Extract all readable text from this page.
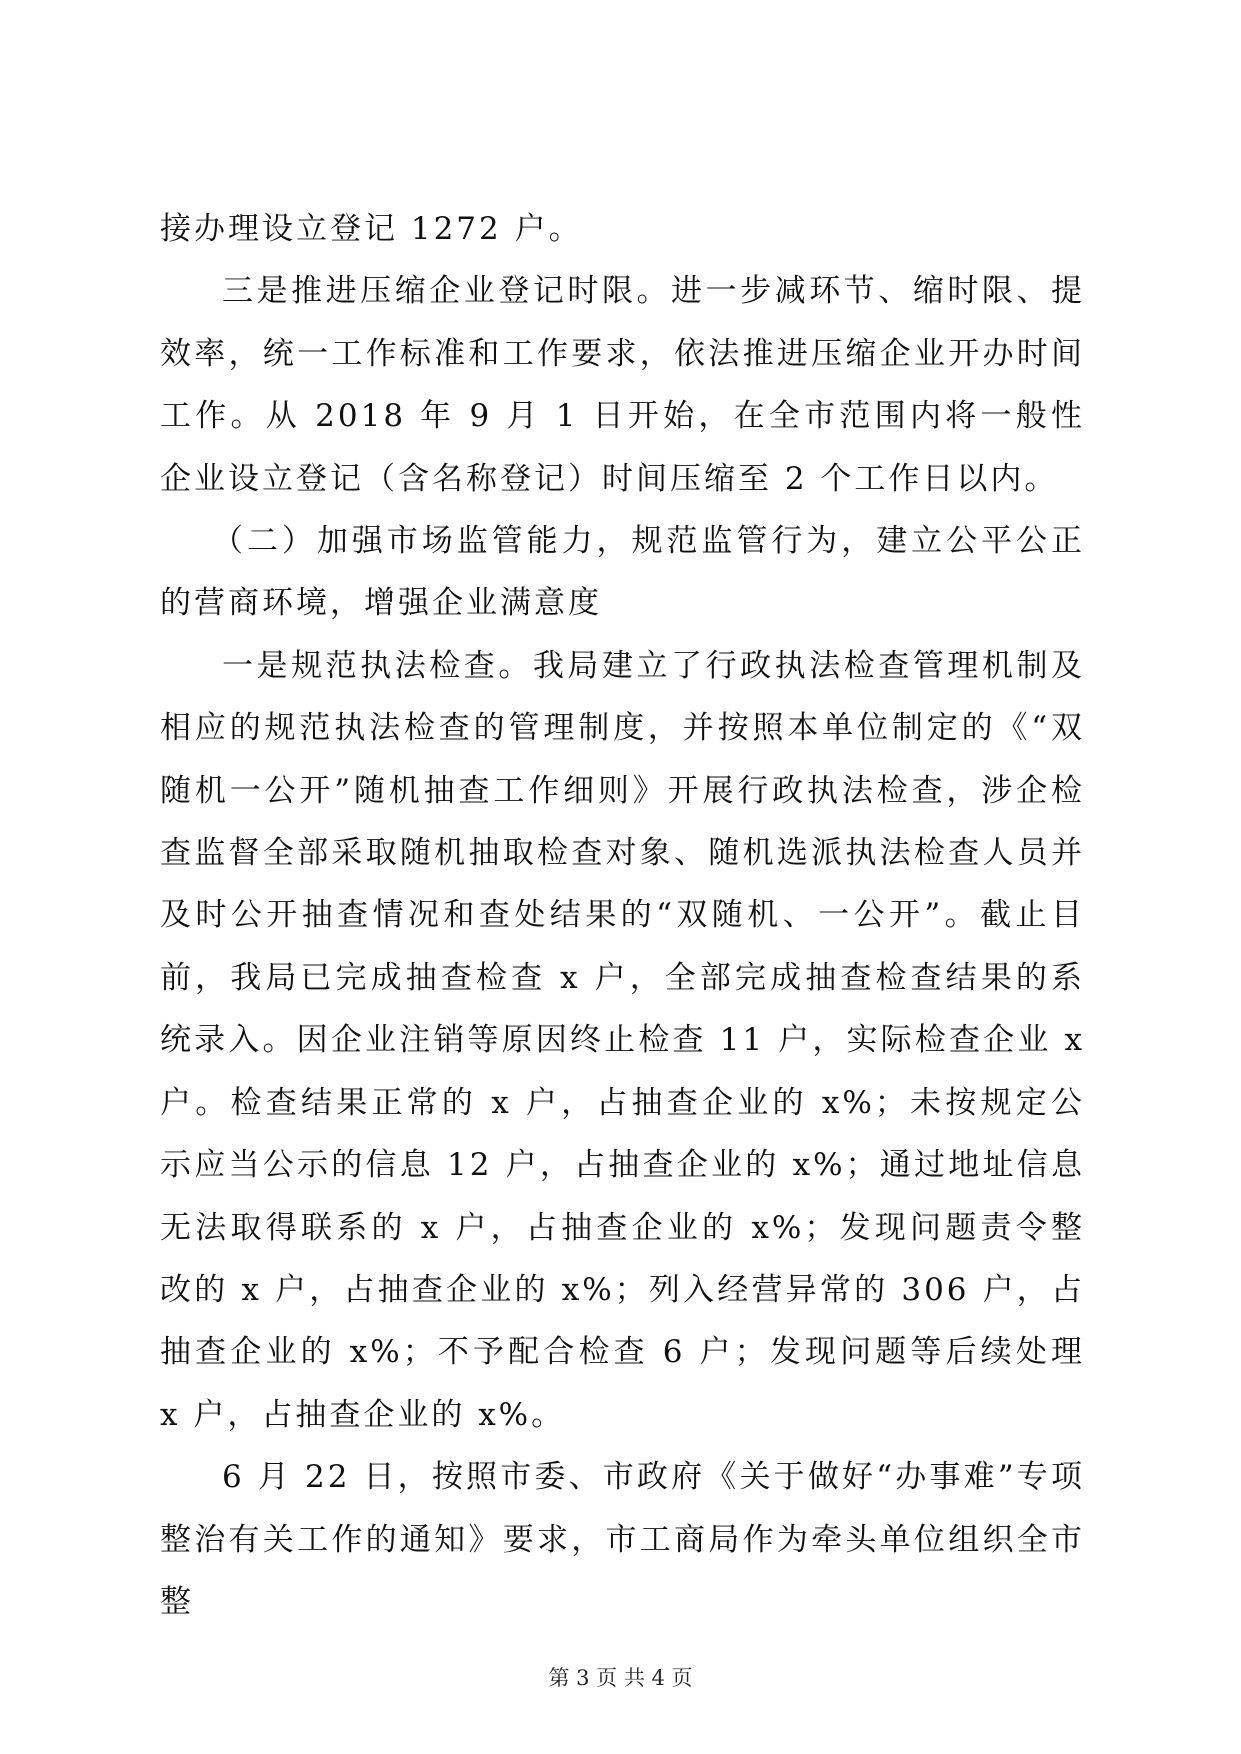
接办理设立登记 1272 户。

三是推进压缩企业登记时限。进一步减环节、缩时限、提效率，统一工作标准和工作要求，依法推进压缩企业开办时间工作。从 2018 年 9 月 1 日开始，在全市范围内将一般性企业设立登记（含名称登记）时间压缩至 2 个工作日以内。

（二）加强市场监管能力，规范监管行为，建立公平公正的营商环境，增强企业满意度

一是规范执法检查。我局建立了行政执法检查管理机制及相应的规范执法检查的管理制度，并按照本单位制定的《“双随机一公开”随机抽查工作细则》开展行政执法检查，涉企检查监督全部采取随机抽取检查对象、随机选派执法检查人员并及时公开抽查情况和查处结果的“双随机、一公开”。截止目前，我局已完成抽查检查 x 户，全部完成抽查检查结果的系统录入。因企业注销等原因终止检查 11 户，实际检查企业 x 户。检查结果正常的 x 户，占抽查企业的 x%；未按规定公示应当公示的信息 12 户，占抽查企业的 x%；通过地址信息无法取得联系的 x 户，占抽查企业的 x%；发现问题责令整改的 x 户，占抽查企业的 x%；列入经营异常的 306 户，占抽查企业的 x%；不予配合检查 6 户；发现问题等后续处理 x 户，占抽查企业的 x%。

6 月 22 日，按照市委、市政府《关于做好“办事难”专项整治有关工作的通知》要求，市工商局作为牵头单位组织全市整

第 3 页 共 4 页
